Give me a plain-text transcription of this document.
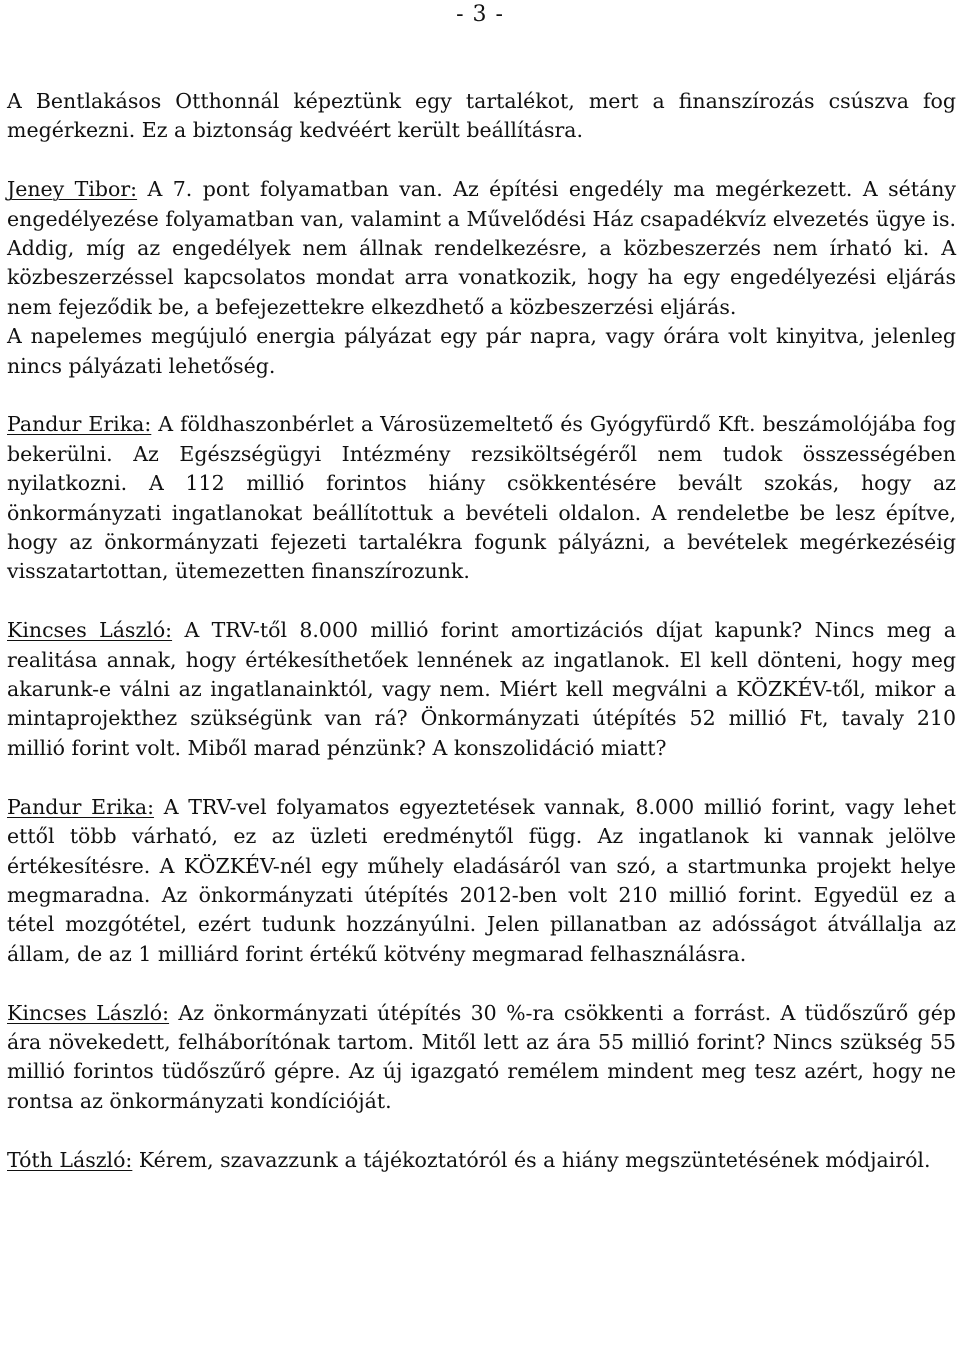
- 3 -

A Bentlakásos Otthonnál képeztünk egy tartalékot, mert a finanszírozás csúszva fog megérkezni. Ez a biztonság kedvéért került beállításra.

Jeney Tibor: A 7. pont folyamatban van. Az építési engedély ma megérkezett. A sétány engedélyezése folyamatban van, valamint a Művelődési Ház csapadékvíz elvezetés ügye is. Addig, míg az engedélyek nem állnak rendelkezésre, a közbeszerzés nem írható ki. A közbeszerzéssel kapcsolatos mondat arra vonatkozik, hogy ha egy engedélyezési eljárás nem fejeződik be, a befejezettekre elkezdhető a közbeszerzési eljárás.

A napelemes megújuló energia pályázat egy pár napra, vagy órára volt kinyitva, jelenleg nincs pályázati lehetőség.

Pandur Erika: A földhaszonbérlet a Városüzemeltető és Gyógyfürdő Kft. beszámolójába fog bekerülni. Az Egészségügyi Intézmény rezsiköltségéről nem tudok összességében nyilatkozni. A 112 millió forintos hiány csökkentésére bevált szokás, hogy az önkormányzati ingatlanokat beállítottuk a bevételi oldalon. A rendeletbe be lesz építve, hogy az önkormányzati fejezeti tartalékra fogunk pályázni, a bevételek megérkezéséig visszatartottan, ütemezetten finanszírozunk.

Kincses László: A TRV-től 8.000 millió forint amortizációs díjat kapunk? Nincs meg a realitása annak, hogy értékesíthetőek lennének az ingatlanok. El kell dönteni, hogy meg akarunk-e válni az ingatlanainktól, vagy nem. Miért kell megválni a KÖZKÉV-től, mikor a mintaprojekthez szükségünk van rá? Önkormányzati útépítés 52 millió Ft, tavaly 210 millió forint volt. Miből marad pénzünk? A konszolidáció miatt?

Pandur Erika: A TRV-vel folyamatos egyeztetések vannak, 8.000 millió forint, vagy lehet ettől több várható, ez az üzleti eredménytől függ. Az ingatlanok ki vannak jelölve értékesítésre. A KÖZKÉV-nél egy műhely eladásáról van szó, a startmunka projekt helye megmaradna. Az önkormányzati útépítés 2012-ben volt 210 millió forint. Egyedül ez a tétel mozgótétel, ezért tudunk hozzányúlni. Jelen pillanatban az adósságot átvállalja az állam, de az 1 milliárd forint értékű kötvény megmarad felhasználásra.

Kincses László: Az önkormányzati útépítés 30 %-ra csökkenti a forrást. A tüdőszűrő gép ára növekedett, felháborítónak tartom. Mitől lett az ára 55 millió forint? Nincs szükség 55 millió forintos tüdőszűrő gépre. Az új igazgató remélem mindent meg tesz azért, hogy ne rontsa az önkormányzati kondícióját.

Tóth László: Kérem, szavazzunk a tájékoztatóról és a hiány megszüntetésének módjairól.
